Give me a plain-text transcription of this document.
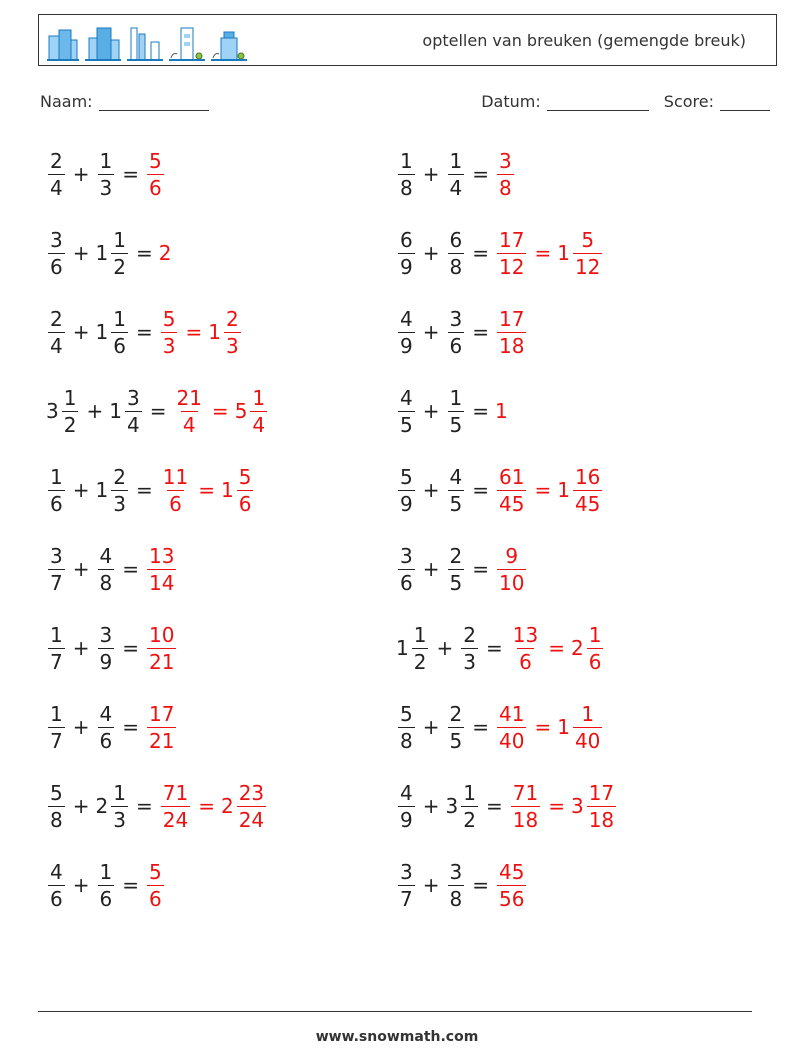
optellen van breuken (gemengde breuk)
Naam:	Datum:	Score:
$\frac{2}{4} + \frac{1}{3} = \frac{5}{6}$	$\frac{1}{8} + \frac{1}{4} = \frac{3}{8}$
$\frac{3}{6} + 1 \frac{1}{2} = 2$	$\frac{6}{9} + \frac{6}{8} = \frac{17}{12} = 1 \frac{5}{12}$
$\frac{2}{4} + 1 \frac{1}{6} = \frac{5}{3} = 1 \frac{2}{3}$	$\frac{4}{9} + \frac{3}{6} = \frac{17}{18}$
$3 \frac{1}{2} + 1 \frac{3}{4} = \frac{21}{4} = 5 \frac{1}{4}$	$\frac{4}{5} + \frac{1}{5} = 1$
$\frac{1}{6} + 1 \frac{2}{3} = \frac{11}{6} = 1 \frac{5}{6}$	$\frac{5}{9} + \frac{4}{5} = \frac{61}{45} = 1 \frac{16}{45}$
$\frac{3}{7} + \frac{4}{8} = \frac{13}{14}$	$\frac{3}{6} + \frac{2}{5} = \frac{9}{10}$
$\frac{1}{7} + \frac{3}{9} = \frac{10}{21}$	$1 \frac{1}{2} + \frac{2}{3} = \frac{13}{6} = 2 \frac{1}{6}$
$\frac{1}{7} + \frac{4}{6} = \frac{17}{21}$	$\frac{5}{8} + \frac{2}{5} = \frac{41}{40} = 1 \frac{1}{40}$
$\frac{5}{8} + 2 \frac{1}{3} = \frac{71}{24} = 2 \frac{23}{24}$	$\frac{4}{9} + 3 \frac{1}{2} = \frac{71}{18} = 3 \frac{17}{18}$
$\frac{4}{6} + \frac{1}{6} = \frac{5}{6}$	$\frac{3}{7} + \frac{3}{8} = \frac{45}{56}$
www.snowmath.com
